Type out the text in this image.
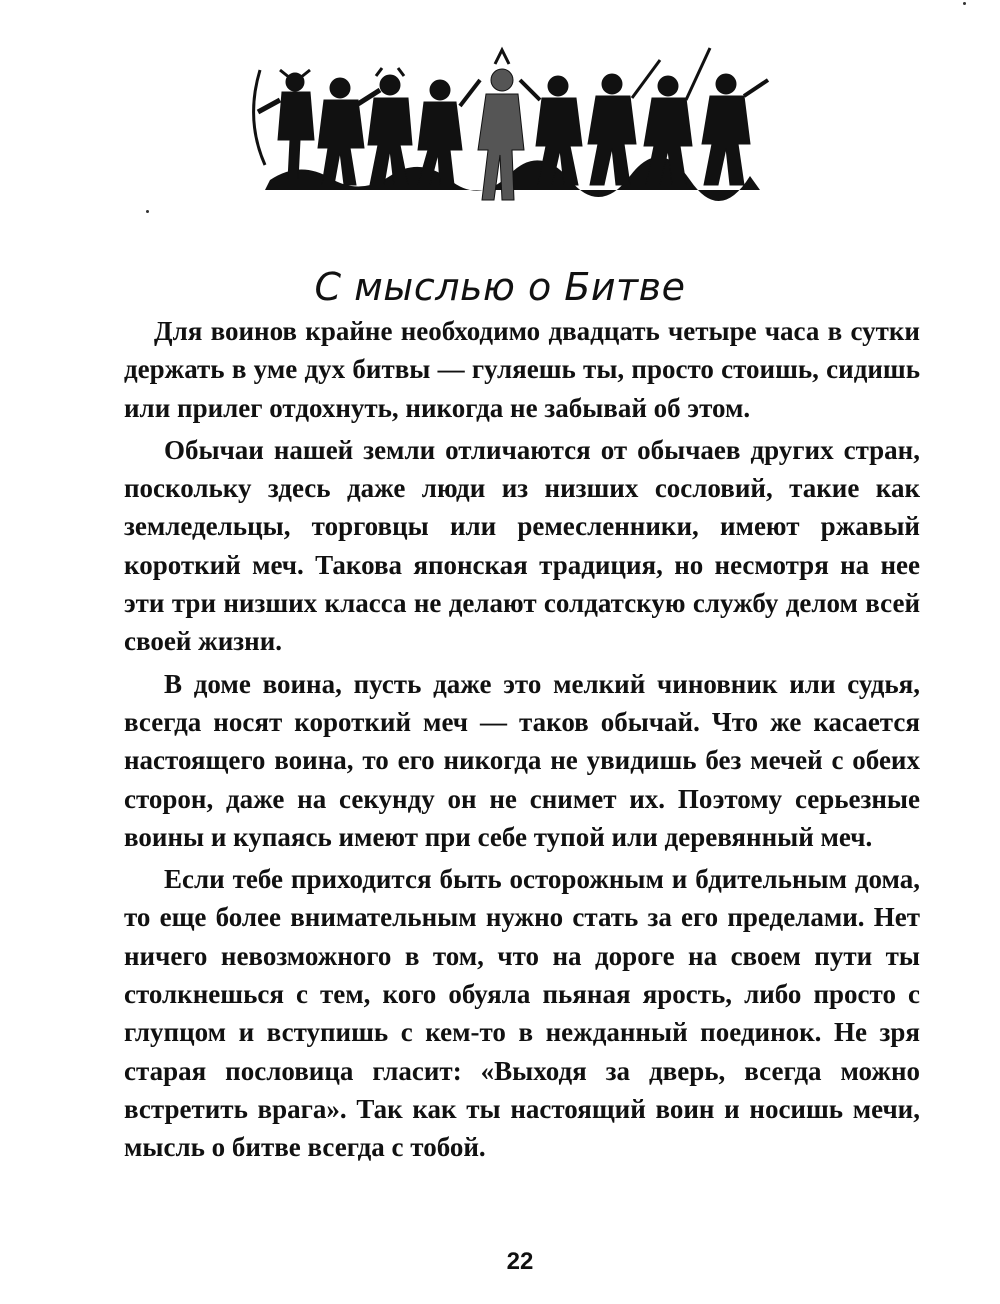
С мыслью о Битве

Для воинов крайне необходимо двадцать четыре часа в сутки держать в уме дух битвы — гуляешь ты, просто стоишь, сидишь или прилег отдохнуть, никогда не забывай об этом.

Обычаи нашей земли отличаются от обычаев других стран, поскольку здесь даже люди из низших сословий, такие как земледельцы, торговцы или ремесленники, имеют ржавый короткий меч. Такова японская традиция, но несмотря на нее эти три низших класса не делают солдатскую службу делом всей своей жизни.

В доме воина, пусть даже это мелкий чиновник или судья, всегда носят короткий меч — таков обычай. Что же касается настоящего воина, то его никогда не увидишь без мечей с обеих сторон, даже на секунду он не снимет их. Поэтому серьезные воины и купаясь имеют при себе тупой или деревянный меч.

Если тебе приходится быть осторожным и бдительным дома, то еще более внимательным нужно стать за его пределами. Нет ничего невозможного в том, что на дороге на своем пути ты столкнешься с тем, кого обуяла пьяная ярость, либо просто с глупцом и вступишь с кем-то в нежданный поединок. Не зря старая пословица гласит: «Выходя за дверь, всегда можно встретить врага». Так как ты настоящий воин и носишь мечи, мысль о битве всегда с тобой.

22
